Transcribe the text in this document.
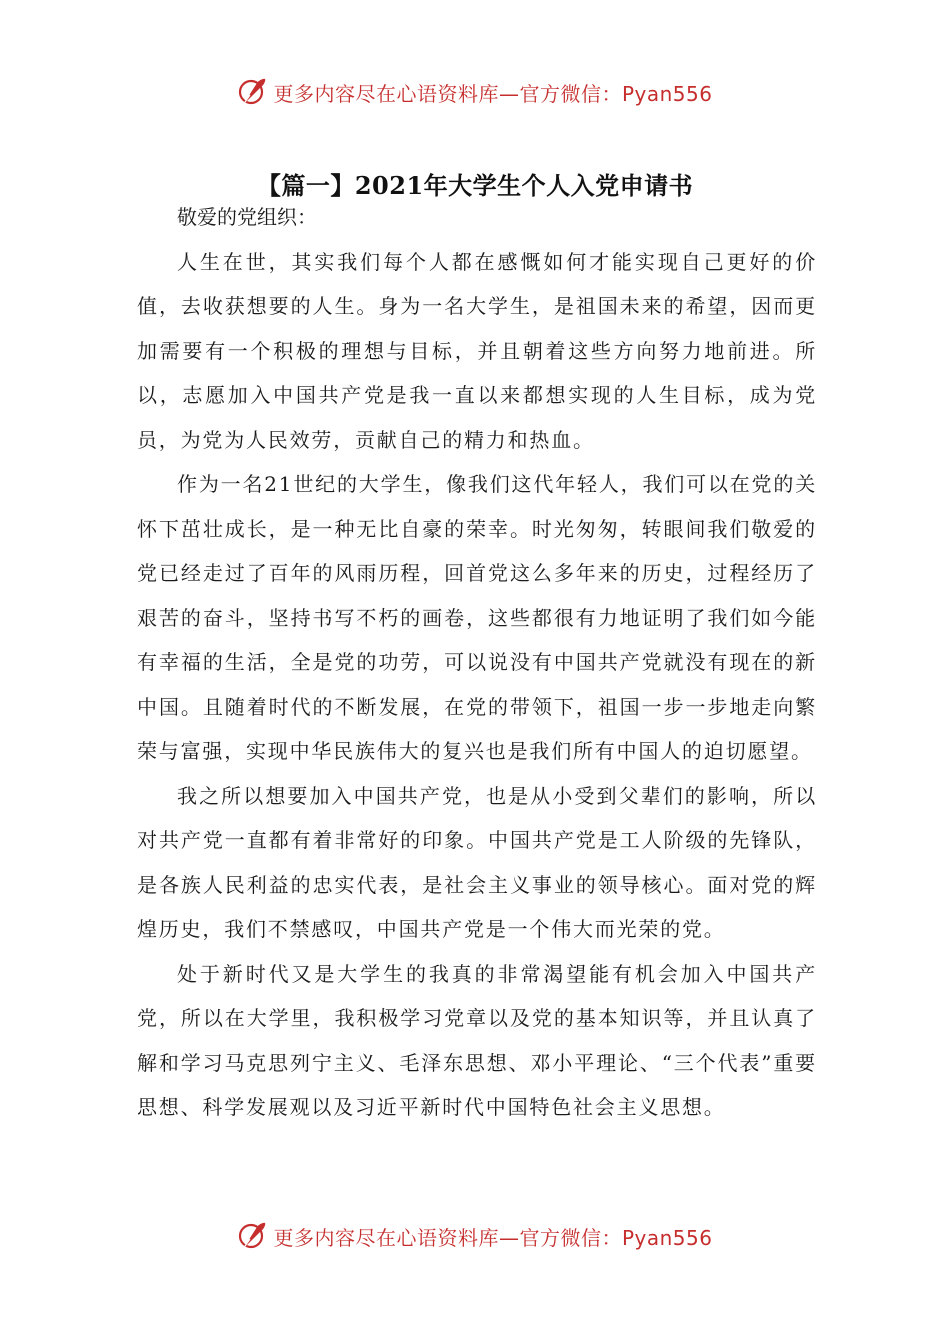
更多内容尽在心语资料库—官方微信：Pyan556
【篇一】2021年大学生个人入党申请书

敬爱的党组织：

人生在世，其实我们每个人都在感慨如何才能实现自己更好的价值，去收获想要的人生。身为一名大学生，是祖国未来的希望，因而更加需要有一个积极的理想与目标，并且朝着这些方向努力地前进。所以，志愿加入中国共产党是我一直以来都想实现的人生目标，成为党员，为党为人民效劳，贡献自己的精力和热血。

作为一名21世纪的大学生，像我们这代年轻人，我们可以在党的关怀下茁壮成长，是一种无比自豪的荣幸。时光匆匆，转眼间我们敬爱的党已经走过了百年的风雨历程，回首党这么多年来的历史，过程经历了艰苦的奋斗，坚持书写不朽的画卷，这些都很有力地证明了我们如今能有幸福的生活，全是党的功劳，可以说没有中国共产党就没有现在的新中国。且随着时代的不断发展，在党的带领下，祖国一步一步地走向繁荣与富强，实现中华民族伟大的复兴也是我们所有中国人的迫切愿望。

我之所以想要加入中国共产党，也是从小受到父辈们的影响，所以对共产党一直都有着非常好的印象。中国共产党是工人阶级的先锋队，是各族人民利益的忠实代表，是社会主义事业的领导核心。面对党的辉煌历史，我们不禁感叹，中国共产党是一个伟大而光荣的党。

处于新时代又是大学生的我真的非常渴望能有机会加入中国共产党，所以在大学里，我积极学习党章以及党的基本知识等，并且认真了解和学习马克思列宁主义、毛泽东思想、邓小平理论、“三个代表”重要思想、科学发展观以及习近平新时代中国特色社会主义思想。

更多内容尽在心语资料库—官方微信：Pyan556
